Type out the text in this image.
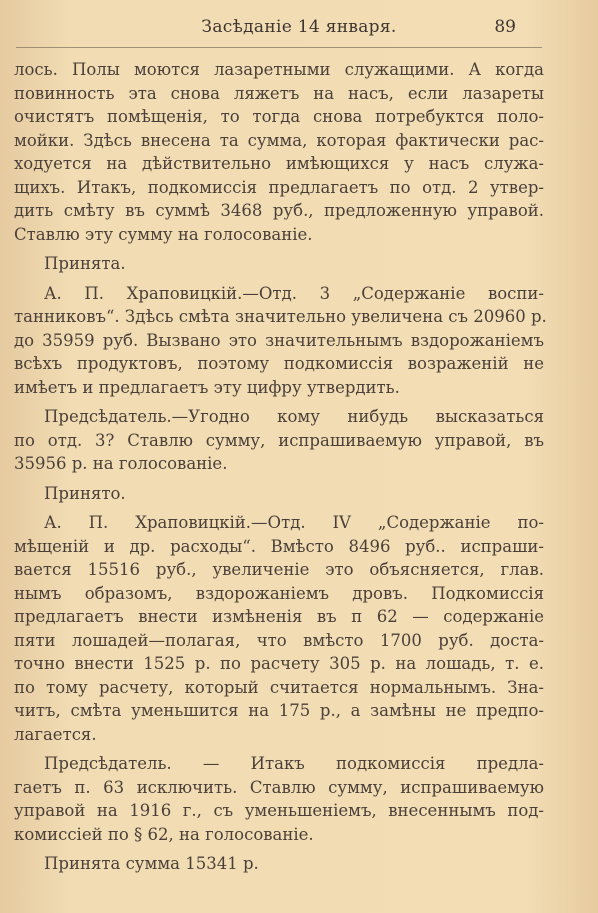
Засѣданіе 14 января.	89
лось. Полы моются лазаретными служащими. А когда
повинность эта снова ляжетъ на насъ, если лазареты
очистятъ помѣщенія, то тогда снова потребуктся поло-
мойки. Здѣсь внесена та сумма, которая фактически рас-
ходуется на дѣйствительно имѣющихся у насъ служа-
щихъ. Итакъ, подкомиссія предлагаетъ по отд. 2 утвер-
дить смѣту въ суммѣ 3468 руб., предложенную управой.
Ставлю эту сумму на голосованіе.
Принята.
А. П. Храповицкій.—Отд. 3 „Содержаніе воспи-
танниковъ“. Здѣсь смѣта значительно увеличена съ 20960 р.
до 35959 руб. Вызвано это значительнымъ вздорожаніемъ
всѣхъ продуктовъ, поэтому подкомиссія возраженій не
имѣетъ и предлагаетъ эту цифру утвердить.
Предсѣдатель.—Угодно кому нибудь высказаться
по отд. 3? Ставлю сумму, испрашиваемую управой, въ
35956 р. на голосованіе.
Принято.
А. П. Храповицкій.—Отд. IV „Содержаніе по-
мѣщеній и др. расходы“. Вмѣсто 8496 руб.. испраши-
вается 15516 руб., увеличеніе это объясняется, глав.
нымъ образомъ, вздорожаніемъ дровъ. Подкомиссія
предлагаетъ внести измѣненія въ п 62 — содержаніе
пяти лошадей—полагая, что вмѣсто 1700 руб. доста-
точно внести 1525 р. по расчету 305 р. на лошадь, т. е.
по тому расчету, который считается нормальнымъ. Зна-
читъ, смѣта уменьшится на 175 р., а замѣны не предпо-
лагается.
Предсѣдатель. — Итакъ подкомиссія предла-
гаетъ п. 63 исключить. Ставлю сумму, испрашиваемую
управой на 1916 г., съ уменьшеніемъ, внесеннымъ под-
комиссіей по § 62, на голосованіе.
Принята сумма 15341 р.
